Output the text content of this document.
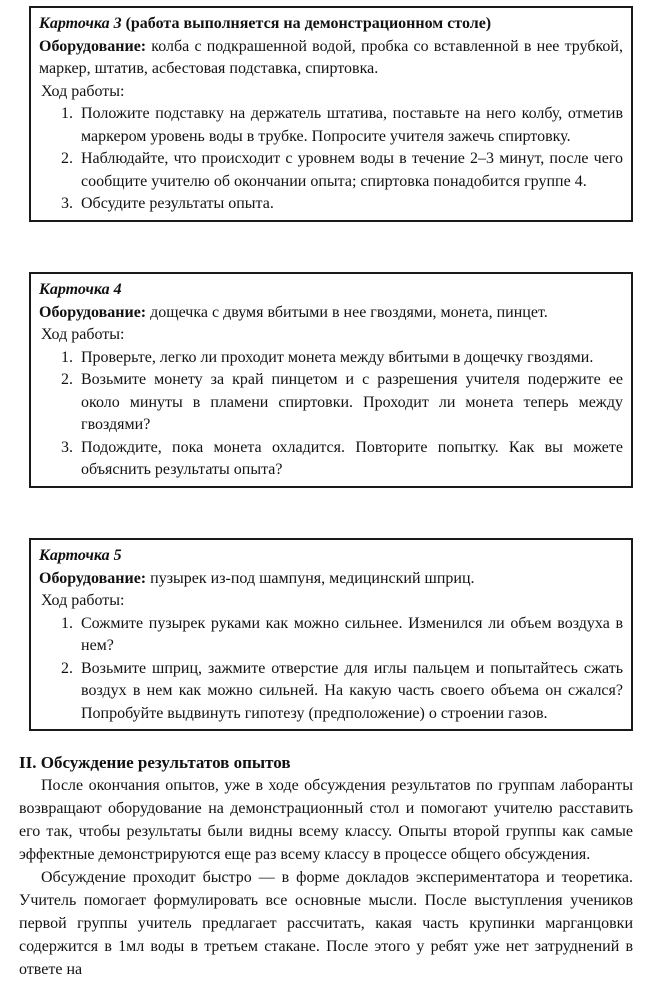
Карточка 3 (работа выполняется на демонстрационном столе)

Оборудование: колба с подкрашенной водой, пробка со вставленной в нее трубкой, маркер, штатив, асбестовая подставка, спиртовка.

Ход работы:

1. Положите подставку на держатель штатива, поставьте на него колбу, отметив маркером уровень воды в трубке. Попросите учителя зажечь спиртовку.
2. Наблюдайте, что происходит с уровнем воды в течение 2–3 минут, после чего сообщите учителю об окончании опыта; спиртовка понадобится группе 4.
3. Обсудите результаты опыта.

Карточка 4

Оборудование: дощечка с двумя вбитыми в нее гвоздями, монета, пинцет.

Ход работы:

1. Проверьте, легко ли проходит монета между вбитыми в дощечку гвоздями.
2. Возьмите монету за край пинцетом и с разрешения учителя подержите ее около минуты в пламени спиртовки. Проходит ли монета теперь между гвоздями?
3. Подождите, пока монета охладится. Повторите попытку. Как вы можете объяснить результаты опыта?

Карточка 5

Оборудование: пузырек из-под шампуня, медицинский шприц.

Ход работы:

1. Сожмите пузырек руками как можно сильнее. Изменился ли объем воздуха в нем?
2. Возьмите шприц, зажмите отверстие для иглы пальцем и попытайтесь сжать воздух в нем как можно сильней. На какую часть своего объема он сжался? Попробуйте выдвинуть гипотезу (предположение) о строении газов.
II. Обсуждение результатов опытов

После окончания опытов, уже в ходе обсуждения результатов по группам лаборанты возвращают оборудование на демонстрационный стол и помогают учителю расставить его так, чтобы результаты были видны всему классу. Опыты второй группы как самые эффектные демонстрируются еще раз всему классу в процессе общего обсуждения.

Обсуждение проходит быстро — в форме докладов экспериментатора и теоретика. Учитель помогает формулировать все основные мысли. После выступления учеников первой группы учитель предлагает рассчитать, какая часть крупинки марганцовки содержится в 1мл воды в третьем стакане. После этого у ребят уже нет затруднений в ответе на
